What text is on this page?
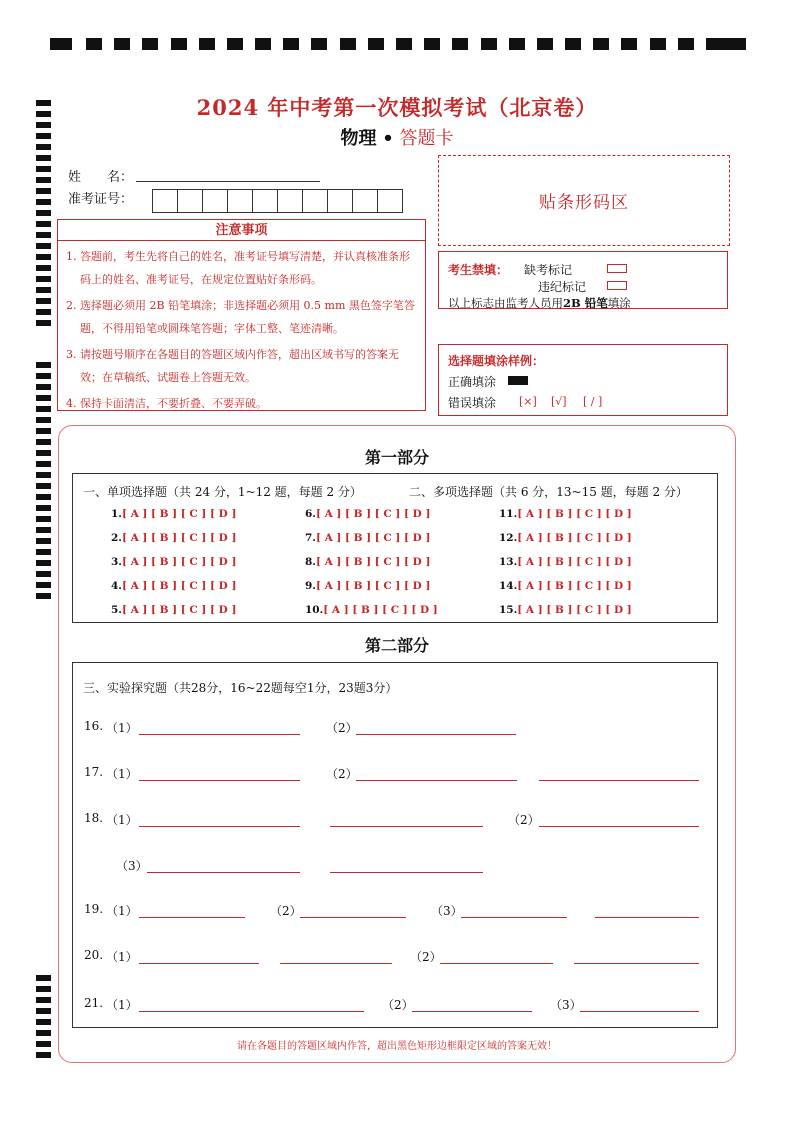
2024 年中考第一次模拟考试（北京卷）
物理 • 答题卡
姓　　名：
准考证号：	贴条形码区
注意事项

1. 答题前，考生先将自己的姓名，准考证号填写清楚，并认真核准条形码上的姓名、准考证号，在规定位置贴好条形码。

2. 选择题必须用 2B 铅笔填涂；非选择题必须用 0.5 mm 黑色签字笔答题，不得用铅笔或圆珠笔答题；字体工整、笔迹清晰。

3. 请按题号顺序在各题目的答题区域内作答，超出区域书写的答案无效；在草稿纸、试题卷上答题无效。

4. 保持卡面清洁，不要折叠、不要弄破。

考生禁填： 缺考标记
违纪标记
以上标志由监考人员用2B 铅笔填涂
选择题填涂样例：
正确填涂
错误填涂 [×] [√] [ / ]
第一部分
一、单项选择题（共 24 分，1~12 题，每题 2 分）	二、多项选择题（共 6 分，13~15 题，每题 2 分）
1.[ A ] [ B ] [ C ] [ D ]
2.[ A ] [ B ] [ C ] [ D ]
3.[ A ] [ B ] [ C ] [ D ]
4.[ A ] [ B ] [ C ] [ D ]
5.[ A ] [ B ] [ C ] [ D ]
6.[ A ] [ B ] [ C ] [ D ]
7.[ A ] [ B ] [ C ] [ D ]
8.[ A ] [ B ] [ C ] [ D ]
9.[ A ] [ B ] [ C ] [ D ]
10.[ A ] [ B ] [ C ] [ D ]
11.[ A ] [ B ] [ C ] [ D ]
12.[ A ] [ B ] [ C ] [ D ]
13.[ A ] [ B ] [ C ] [ D ]
14.[ A ] [ B ] [ C ] [ D ]
15.[ A ] [ B ] [ C ] [ D ]
第二部分
三、实验探究题（共28分，16~22题每空1分，23题3分）
16. （1）	（2）
17. （1）	（2）
18. （1）	（2）
（3）
19. （1）	（2）	（3）
20. （1）	（2）
21. （1）	（2）	（3）
请在各题目的答题区域内作答，超出黑色矩形边框限定区域的答案无效！
